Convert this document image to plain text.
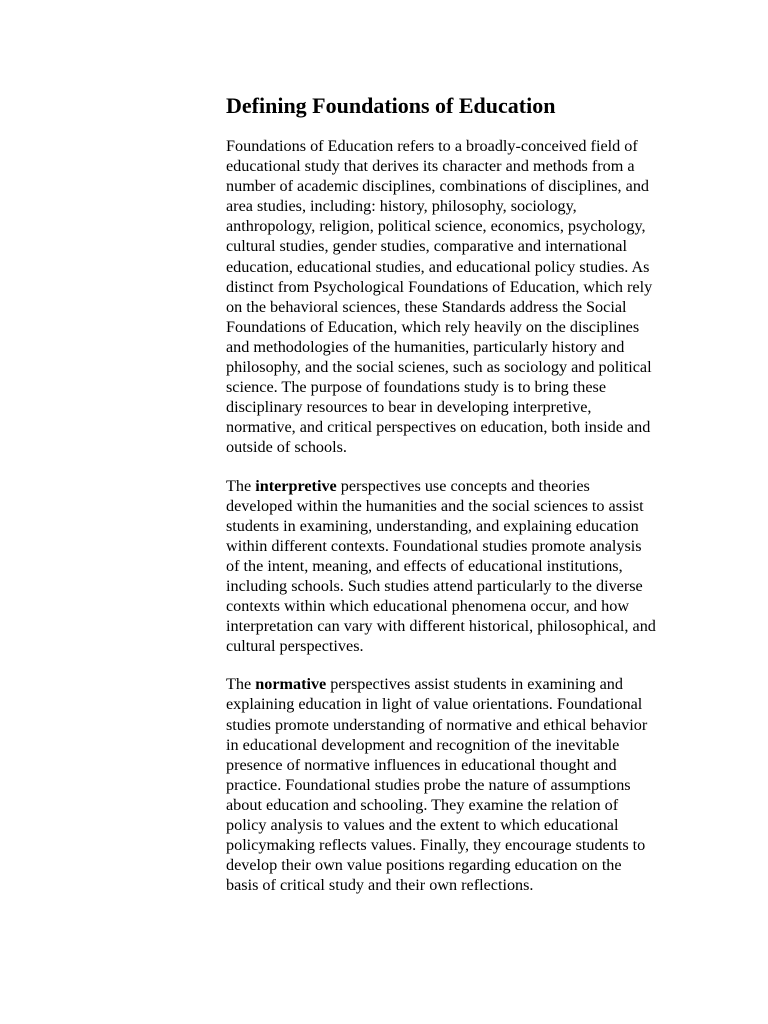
Defining Foundations of Education

Foundations of Education refers to a broadly-conceived field of
educational study that derives its character and methods from a
number of academic disciplines, combinations of disciplines, and
area studies, including: history, philosophy, sociology,
anthropology, religion, political science, economics, psychology,
cultural studies, gender studies, comparative and international
education, educational studies, and educational policy studies. As
distinct from Psychological Foundations of Education, which rely
on the behavioral sciences, these Standards address the Social
Foundations of Education, which rely heavily on the disciplines
and methodologies of the humanities, particularly history and
philosophy, and the social scienes, such as sociology and political
science. The purpose of foundations study is to bring these
disciplinary resources to bear in developing interpretive,
normative, and critical perspectives on education, both inside and
outside of schools.

The interpretive perspectives use concepts and theories
developed within the humanities and the social sciences to assist
students in examining, understanding, and explaining education
within different contexts. Foundational studies promote analysis
of the intent, meaning, and effects of educational institutions,
including schools. Such studies attend particularly to the diverse
contexts within which educational phenomena occur, and how
interpretation can vary with different historical, philosophical, and
cultural perspectives.

The normative perspectives assist students in examining and
explaining education in light of value orientations. Foundational
studies promote understanding of normative and ethical behavior
in educational development and recognition of the inevitable
presence of normative influences in educational thought and
practice. Foundational studies probe the nature of assumptions
about education and schooling. They examine the relation of
policy analysis to values and the extent to which educational
policymaking reflects values. Finally, they encourage students to
develop their own value positions regarding education on the
basis of critical study and their own reflections.
